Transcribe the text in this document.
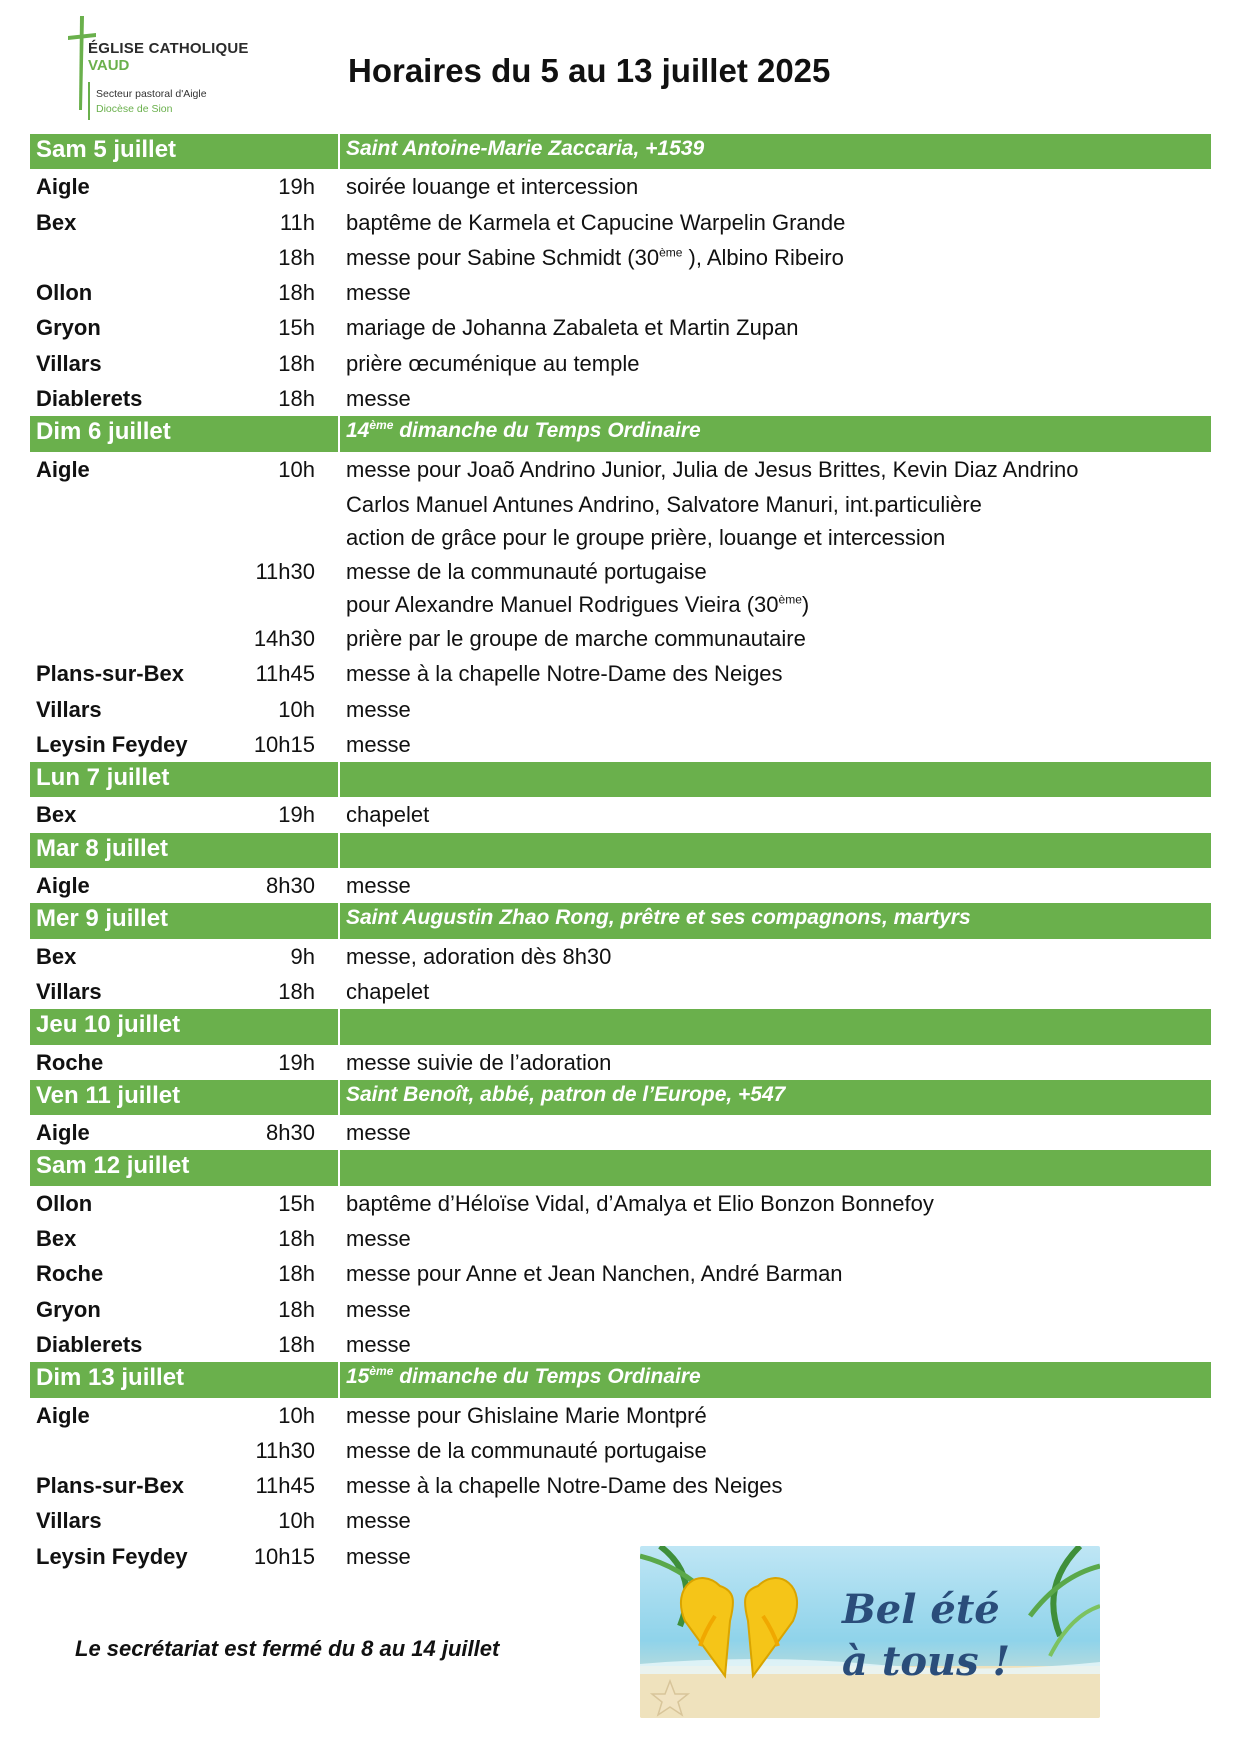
ÉGLISE CATHOLIQUE
VAUD
Secteur pastoral d'Aigle
Diocèse de Sion
Horaires du 5 au 13 juillet 2025
Sam 5 juillet	Saint Antoine-Marie Zaccaria, +1539
Aigle	19h	soirée louange et intercession
Bex	11h	baptême de Karmela et Capucine Warpelin Grande
18h	messe pour Sabine Schmidt (30ème ), Albino Ribeiro
Ollon	18h	messe
Gryon	15h	mariage de Johanna Zabaleta et Martin Zupan
Villars	18h	prière œcuménique au temple
Diablerets	18h	messe
Dim 6 juillet	14ème dimanche du Temps Ordinaire
Aigle	10h	messe pour Joaõ Andrino Junior, Julia de Jesus Brittes, Kevin Diaz Andrino
Carlos Manuel Antunes Andrino, Salvatore Manuri, int.particulière
action de grâce pour le groupe prière, louange et intercession
11h30	messe de la communauté portugaise
pour Alexandre Manuel Rodrigues Vieira (30ème)
14h30	prière par le groupe de marche communautaire
Plans-sur-Bex	11h45	messe à la chapelle Notre-Dame des Neiges
Villars	10h	messe
Leysin Feydey	10h15	messe
Lun 7 juillet
Bex	19h	chapelet
Mar 8 juillet
Aigle	8h30	messe
Mer 9 juillet	Saint Augustin Zhao Rong, prêtre et ses compagnons, martyrs
Bex	9h	messe, adoration dès 8h30
Villars	18h	chapelet
Jeu 10 juillet
Roche	19h	messe suivie de l’adoration
Ven 11 juillet	Saint Benoît, abbé, patron de l’Europe, +547
Aigle	8h30	messe
Sam 12 juillet
Ollon	15h	baptême d’Héloïse Vidal, d’Amalya et Elio Bonzon Bonnefoy
Bex	18h	messe
Roche	18h	messe pour Anne et Jean Nanchen, André Barman
Gryon	18h	messe
Diablerets	18h	messe
Dim 13 juillet	15ème dimanche du Temps Ordinaire
Aigle	10h	messe pour Ghislaine Marie Montpré
11h30	messe de la communauté portugaise
Plans-sur-Bex	11h45	messe à la chapelle Notre-Dame des Neiges
Villars	10h	messe
Leysin Feydey	10h15	messe
Le secrétariat est fermé du 8 au 14 juillet
Bel été
à tous !
